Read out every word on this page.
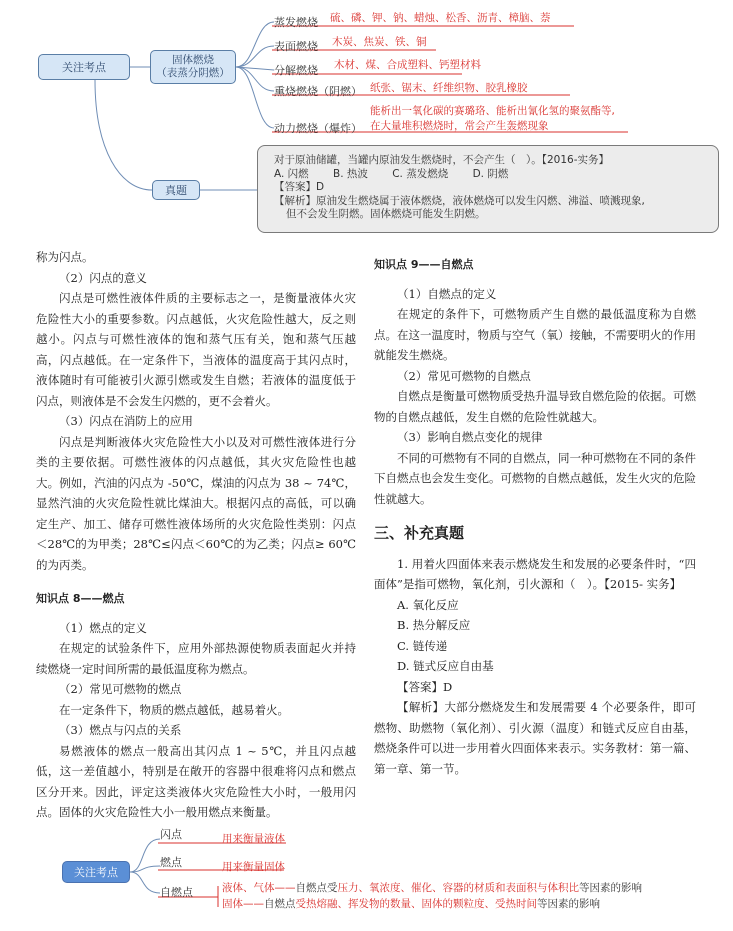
关注考点
固体燃烧
（表蒸分阴燃）
蒸发燃烧 硫、磷、钾、钠、蜡烛、松香、沥青、樟脑、萘
表面燃烧 木炭、焦炭、铁、铜
分解燃烧 木材、煤、合成塑料、钙塑材料
熏烧燃烧（阴燃） 纸张、锯末、纤维织物、胶乳橡胶
动力燃烧（爆炸）
能析出一氧化碳的赛璐珞、能析出氰化氢的聚氨酯等,
在大量堆积燃烧时，常会产生轰燃现象
真题
对于原油储罐，当罐内原油发生燃烧时，不会产生（　）。【2016-实务】
A. 闪燃　　 B. 热波　　 C. 蒸发燃烧　　 D. 阴燃
【答案】D
【解析】原油发生燃烧属于液体燃烧，液体燃烧可以发生闪燃、沸溢、喷溅现象,
但不会发生阴燃。固体燃烧可能发生阴燃。

称为闪点。

（2）闪点的意义

闪点是可燃性液体件质的主要标志之一，是衡量液体火灾危险性大小的重要参数。闪点越低，火灾危险性越大，反之则越小。闪点与可燃性液体的饱和蒸气压有关，饱和蒸气压越高，闪点越低。在一定条件下，当液体的温度高于其闪点时，液体随时有可能被引火源引燃或发生自燃；若液体的温度低于闪点，则液体是不会发生闪燃的，更不会着火。

（3）闪点在消防上的应用

闪点是判断液体火灾危险性大小以及对可燃性液体进行分类的主要依据。可燃性液体的闪点越低，其火灾危险性也越大。例如，汽油的闪点为 -50℃，煤油的闪点为 38 ~ 74℃，显然汽油的火灾危险性就比煤油大。根据闪点的高低，可以确定生产、加工、储存可燃性液体场所的火灾危险性类别：闪点＜28℃的为甲类；28℃≤闪点＜60℃的为乙类；闪点≥ 60℃的为丙类。

知识点 8——燃点

（1）燃点的定义

在规定的试验条件下，应用外部热源使物质表面起火并持续燃烧一定时间所需的最低温度称为燃点。

（2）常见可燃物的燃点

在一定条件下，物质的燃点越低，越易着火。

（3）燃点与闪点的关系

易燃液体的燃点一般高出其闪点 1 ~ 5℃，并且闪点越低，这一差值越小，特别是在敞开的容器中很难将闪点和燃点区分开来。因此，评定这类液体火灾危险性大小时，一般用闪点。固体的火灾危险性大小一般用燃点来衡量。

知识点 9——自燃点

（1）自燃点的定义

在规定的条件下，可燃物质产生自燃的最低温度称为自燃点。在这一温度时，物质与空气（氧）接触，不需要明火的作用就能发生燃烧。

（2）常见可燃物的自燃点

自燃点是衡量可燃物质受热升温导致自燃危险的依据。可燃物的自燃点越低，发生自燃的危险性就越大。

（3）影响自燃点变化的规律

不同的可燃物有不同的自燃点，同一种可燃物在不同的条件下自燃点也会发生变化。可燃物的自燃点越低，发生火灾的危险性就越大。

三、补充真题

1. 用着火四面体来表示燃烧发生和发展的必要条件时，“四面体”是指可燃物，氧化剂，引火源和（　）。【2015- 实务】

A. 氧化反应

B. 热分解反应

C. 链传递

D. 链式反应自由基

【答案】D

【解析】大部分燃烧发生和发展需要 4 个必要条件，即可燃物、助燃物（氧化剂）、引火源（温度）和链式反应自由基，燃烧条件可以进一步用着火四面体来表示。实务教材：第一篇、第一章、第一节。

关注考点
闪点	用来衡量液体
燃点	用来衡量固体
自燃点	液体、气体——自燃点受压力、氧浓度、催化、容器的材质和表面积与体积比等因素的影响
固体——自燃点受热熔融、挥发物的数量、固体的颗粒度、受热时间等因素的影响
